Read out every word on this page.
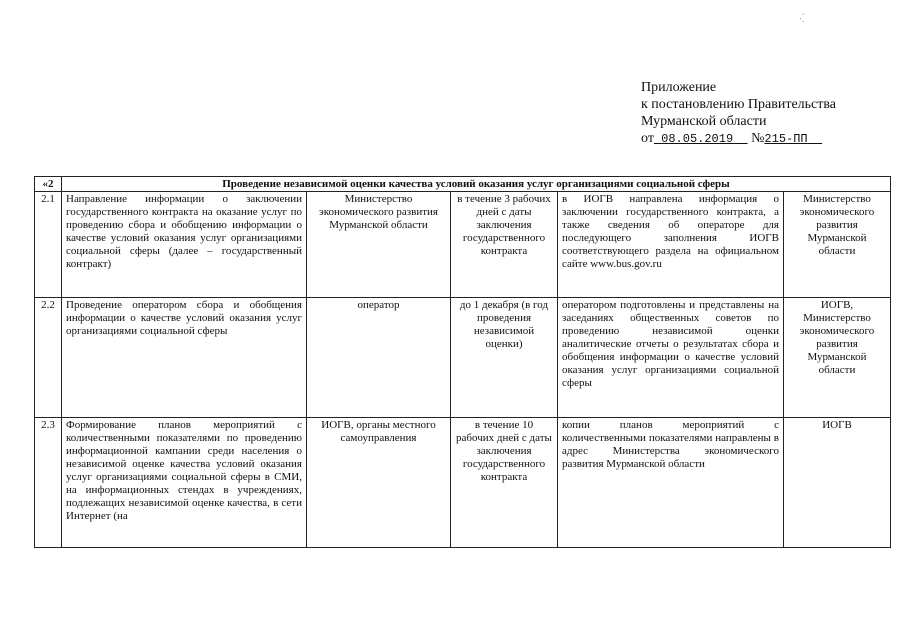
·.́
Приложение
к постановлению Правительства
Мурманской области
от 08.05.2019 №215-ПП
«2	Проведение независимой оценки качества условий оказания услуг организациями социальной сферы				
2.1	Направление информации о заключении государственного контракта на оказание услуг по проведению сбора и обобщению информации о качестве условий оказания услуг организациями социальной сферы (далее – государственный контракт)	Министерство экономического развития Мурманской области	в течение 3 рабочих дней с даты заключения государственного контракта	в ИОГВ направлена информация о заключении государственного контракта, а также сведения об операторе для последующего заполнения ИОГВ соответствующего раздела на официальном сайте www.bus.gov.ru	Министерство экономического развития Мурманской области
2.2	Проведение оператором сбора и обобщения информации о качестве условий оказания услуг организациями социальной сферы	оператор	до 1 декабря (в год проведения независимой оценки)	оператором подготовлены и представлены на заседаниях общественных советов по проведению независимой оценки аналитические отчеты о результатах сбора и обобщения информации о качестве условий оказания услуг организациями социальной сферы	ИОГВ, Министерство экономического развития Мурманской области
2.3	Формирование планов мероприятий с количественными показателями по проведению информационной кампании среди населения о независимой оценке качества условий оказания услуг организациями социальной сферы в СМИ, на информационных стендах в учреждениях, подлежащих независимой оценке качества, в сети Интернет (на	ИОГВ, органы местного самоуправления	в течение 10 рабочих дней с даты заключения государственного контракта	копии планов мероприятий с количественными показателями направлены в адрес Министерства экономического развития Мурманской области	ИОГВ
